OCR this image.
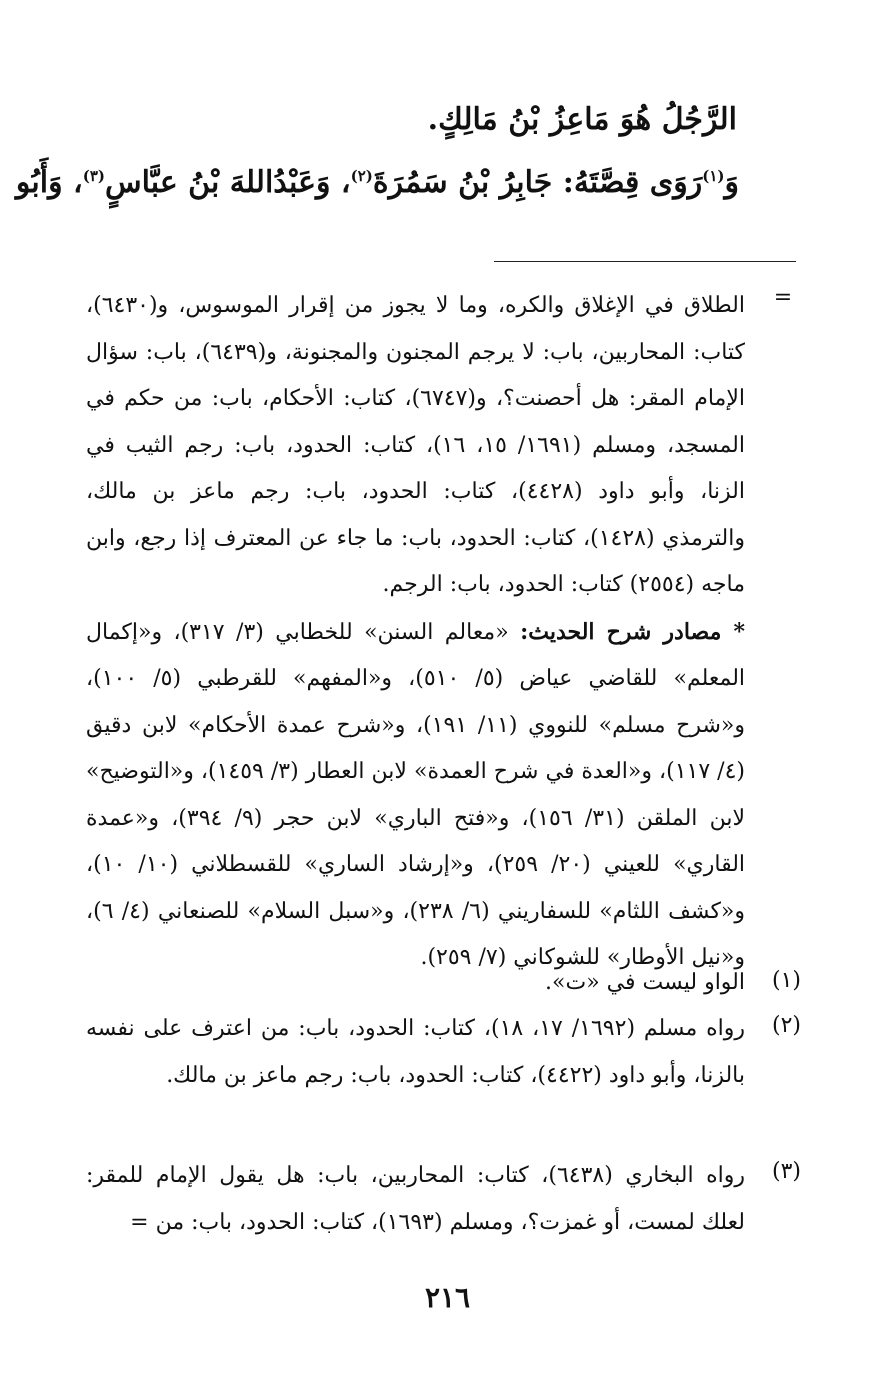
الرَّجُلُ هُوَ مَاعِزُ بْنُ مَالِكٍ.
وَ$^{(١)}$رَوَى قِصَّتَهُ: جَابِرُ بْنُ سَمُرَةَ$^{(٢)}$، وَعَبْدُاللهَ بْنُ عبَّاسٍ$^{(٣)}$، وَأَبُو
=

الطلاق في الإغلاق والكره، وما لا يجوز من إقرار الموسوس، و(٦٤٣٠)، كتاب: المحاربين، باب: لا يرجم المجنون والمجنونة، و(٦٤٣٩)، باب: سؤال الإمام المقر: هل أحصنت؟، و(٦٧٤٧)، كتاب: الأحكام، باب: من حكم في المسجد، ومسلم (١٦٩١/ ١٥، ١٦)، كتاب: الحدود، باب: رجم الثيب في الزنا، وأبو داود (٤٤٢٨)، كتاب: الحدود، باب: رجم ماعز بن مالك، والترمذي (١٤٢٨)، كتاب: الحدود، باب: ما جاء عن المعترف إذا رجع، وابن ماجه (٢٥٥٤) كتاب: الحدود، باب: الرجم.

* مصادر شرح الحديث: «معالم السنن» للخطابي (٣/ ٣١٧)، و«إكمال المعلم» للقاضي عياض (٥/ ٥١٠)، و«المفهم» للقرطبي (٥/ ١٠٠)، و«شرح مسلم» للنووي (١١/ ١٩١)، و«شرح عمدة الأحكام» لابن دقيق (٤/ ١١٧)، و«العدة في شرح العمدة» لابن العطار (٣/ ١٤٥٩)، و«التوضيح» لابن الملقن (٣١/ ١٥٦)، و«فتح الباري» لابن حجر (٩/ ٣٩٤)، و«عمدة القاري» للعيني (٢٠/ ٢٥٩)، و«إرشاد الساري» للقسطلاني (١٠/ ١٠)، و«كشف اللثام» للسفاريني (٦/ ٢٣٨)، و«سبل السلام» للصنعاني (٤/ ٦)، و«نيل الأوطار» للشوكاني (٧/ ٢٥٩).

(١)

الواو ليست في «ت».

(٢)

رواه مسلم (١٦٩٢/ ١٧، ١٨)، كتاب: الحدود، باب: من اعترف على نفسه بالزنا، وأبو داود (٤٤٢٢)، كتاب: الحدود، باب: رجم ماعز بن مالك.

(٣)

رواه البخاري (٦٤٣٨)، كتاب: المحاربين، باب: هل يقول الإمام للمقر: لعلك لمست، أو غمزت؟، ومسلم (١٦٩٣)، كتاب: الحدود، باب: من =

٢١٦
